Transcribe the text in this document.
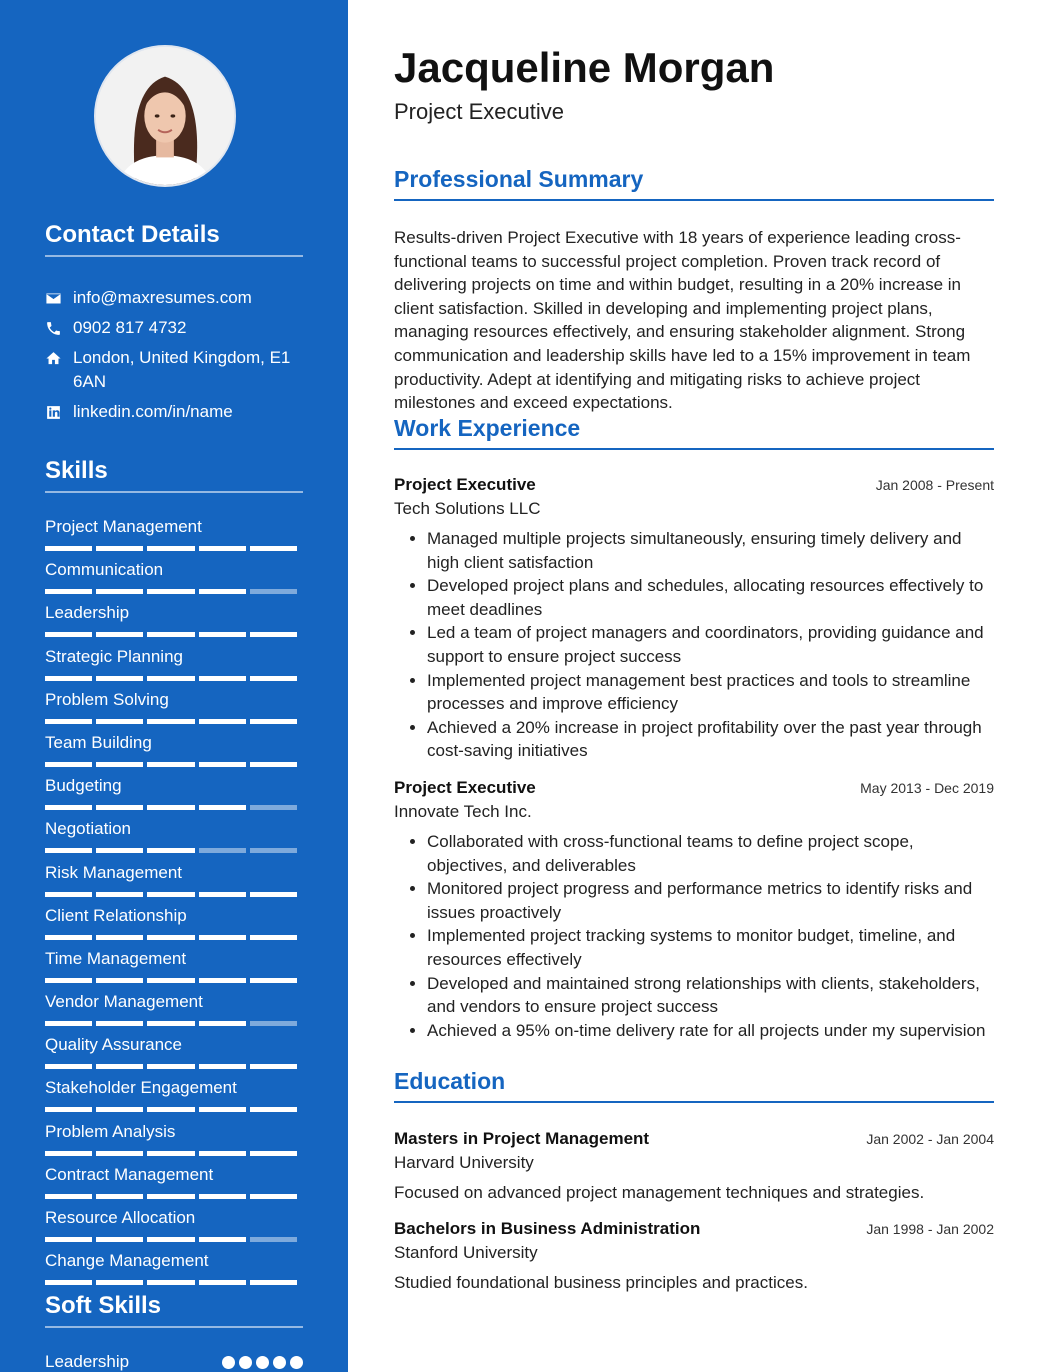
Contact Details
info@maxresumes.com
0902 817 4732
London, United Kingdom, E1 6AN
linkedin.com/in/name
Skills
Project Management
Communication
Leadership
Strategic Planning
Problem Solving
Team Building
Budgeting
Negotiation
Risk Management
Client Relationship
Time Management
Vendor Management
Quality Assurance
Stakeholder Engagement
Problem Analysis
Contract Management
Resource Allocation
Change Management
Soft Skills
Leadership
Jacqueline Morgan
Project Executive
Professional Summary

Results-driven Project Executive with 18 years of experience leading cross-functional teams to successful project completion. Proven track record of delivering projects on time and within budget, resulting in a 20% increase in client satisfaction. Skilled in developing and implementing project plans, managing resources effectively, and ensuring stakeholder alignment. Strong communication and leadership skills have led to a 15% improvement in team productivity. Adept at identifying and mitigating risks to achieve project milestones and exceed expectations.

Work Experience
Project Executive	Jan 2008 - Present
Tech Solutions LLC
• Managed multiple projects simultaneously, ensuring timely delivery and high client satisfaction
• Developed project plans and schedules, allocating resources effectively to meet deadlines
• Led a team of project managers and coordinators, providing guidance and support to ensure project success
• Implemented project management best practices and tools to streamline processes and improve efficiency
• Achieved a 20% increase in project profitability over the past year through cost-saving initiatives
Project Executive	May 2013 - Dec 2019
Innovate Tech Inc.
• Collaborated with cross-functional teams to define project scope, objectives, and deliverables
• Monitored project progress and performance metrics to identify risks and issues proactively
• Implemented project tracking systems to monitor budget, timeline, and resources effectively
• Developed and maintained strong relationships with clients, stakeholders, and vendors to ensure project success
• Achieved a 95% on-time delivery rate for all projects under my supervision
Education
Masters in Project Management	Jan 2002 - Jan 2004
Harvard University

Focused on advanced project management techniques and strategies.

Bachelors in Business Administration	Jan 1998 - Jan 2002
Stanford University

Studied foundational business principles and practices.
